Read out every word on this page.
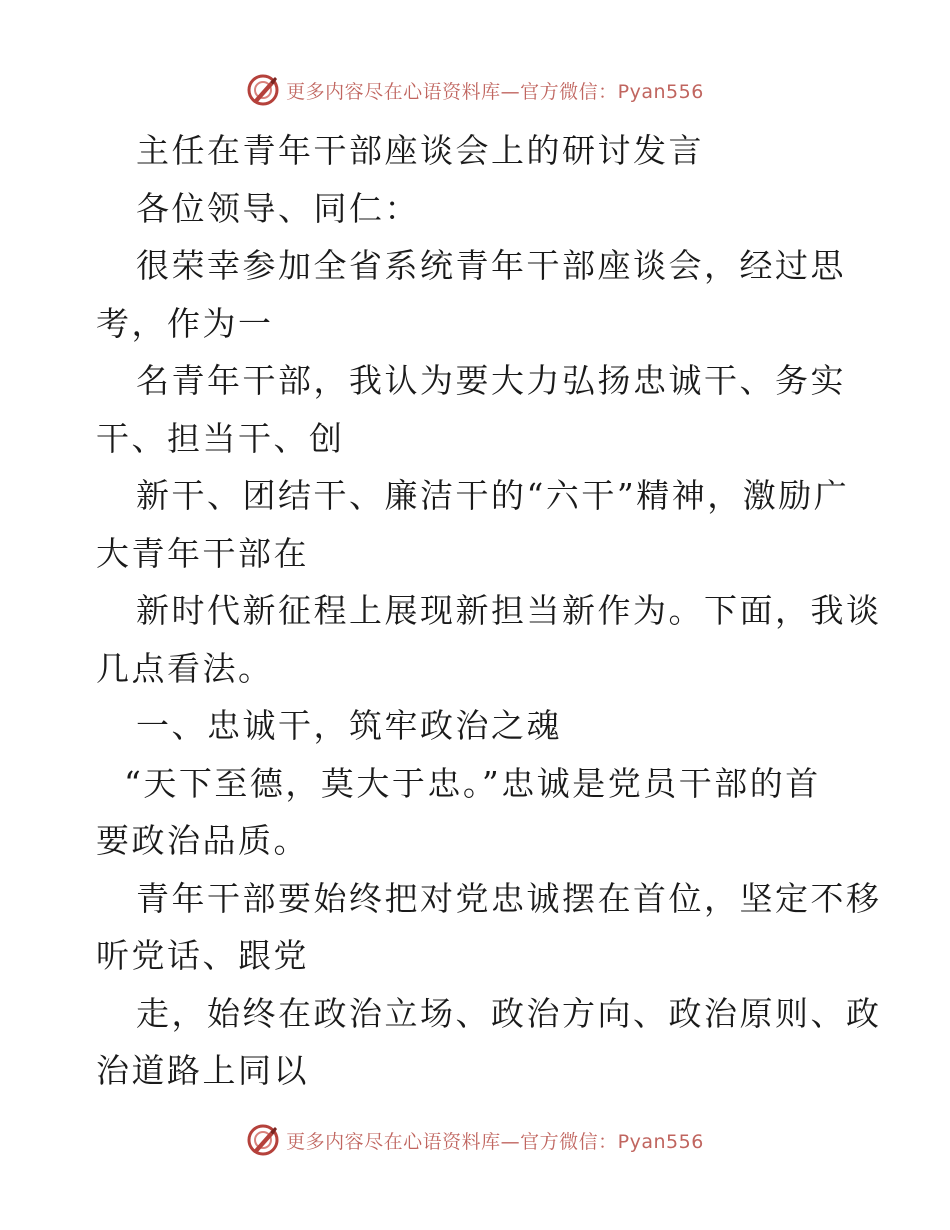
更多内容尽在心语资料库—官方微信：Pyan556
主任在青年干部座谈会上的研讨发言
各位领导、同仁：
很荣幸参加全省系统青年干部座谈会，经过思
考，作为一
名青年干部，我认为要大力弘扬忠诚干、务实
干、担当干、创
新干、团结干、廉洁干的“六干”精神，激励广
大青年干部在
新时代新征程上展现新担当新作为。下面，我谈
几点看法。
一、忠诚干，筑牢政治之魂
“天下至德，莫大于忠。”忠诚是党员干部的首
要政治品质。
青年干部要始终把对党忠诚摆在首位，坚定不移
听党话、跟党
走，始终在政治立场、政治方向、政治原则、政
治道路上同以
更多内容尽在心语资料库—官方微信：Pyan556
